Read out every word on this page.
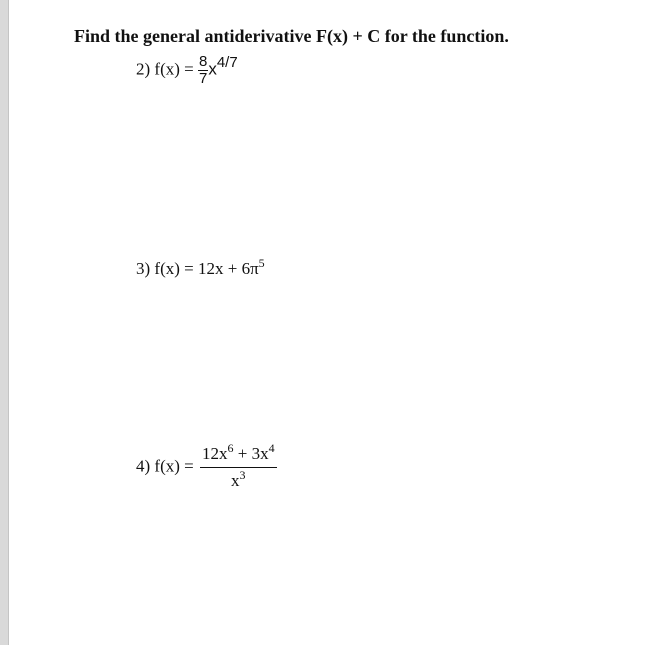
Find the general antiderivative F(x) + C for the function.
2) $f(x) = \frac{8}{7} x4/7$
3) $f(x) = 12x + 6\pi^5$
4) $f(x) = \frac{12x^6 + 3x^4}{x^3}$
